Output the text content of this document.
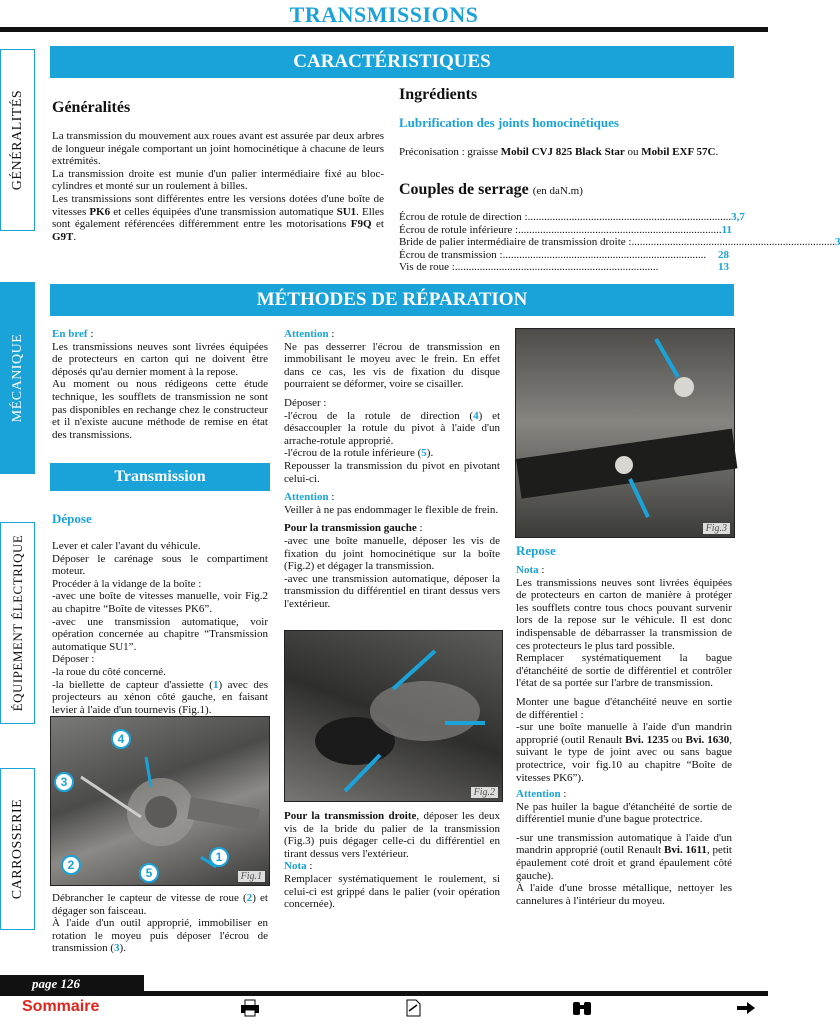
TRANSMISSIONS
GÉNÉRALITÉS
MÉCANIQUE
ÉQUIPEMENT ÉLECTRIQUE
CARROSSERIE
CARACTÉRISTIQUES
Généralités

La transmission du mouvement aux roues avant est assurée par deux arbres de longueur inégale comportant un joint homocinétique à chacune de leurs extrémités.

La transmission droite est munie d'un palier intermédiaire fixé au bloc-cylindres et monté sur un roulement à billes.

Les transmissions sont différentes entre les versions dotées d'une boîte de vitesses PK6 et celles équipées d'une transmission automatique SU1. Elles sont également référencées différemment entre les motorisations F9Q et G9T.

Ingrédients
Lubrification des joints homocinétiques

Préconisation : graisse Mobil CVJ 825 Black Star ou Mobil EXF 57C.

Couples de serrage (en daN.m)
Écrou de rotule de direction : .......................................................................... 3,7
Écrou de rotule inférieure : .......................................................................... 11
Bride de palier intermédiaire de transmission droite : .......................................................................... 3
Écrou de transmission : ..........................................................................	28
Vis de roue : ..........................................................................	13
MÉTHODES DE RÉPARATION

En bref :

Les transmissions neuves sont livrées équipées de protecteurs en carton qui ne doivent être déposés qu'au dernier moment à la repose.

Au moment ou nous rédigeons cette étude technique, les soufflets de transmission ne sont pas disponibles en rechange chez le constructeur et il n'existe aucune méthode de remise en état des transmissions.

Transmission
Dépose

Lever et caler l'avant du véhicule.

Déposer le carénage sous le compartiment moteur.

Procéder à la vidange de la boîte :

-avec une boîte de vitesses manuelle, voir Fig.2 au chapitre “Boîte de vitesses PK6”.

-avec une transmission automatique, voir opération concernée au chapitre “Transmission automatique SU1”.

Déposer :

-la roue du côté concerné.

-la biellette de capteur d'assiette (1) avec des projecteurs au xénon côté gauche, en faisant levier à l'aide d'un tournevis (Fig.1).

4
3
2
5
1
Fig.1

Débrancher le capteur de vitesse de roue (2) et dégager son faisceau.

À l'aide d'un outil approprié, immobiliser en rotation le moyeu puis déposer l'écrou de transmission (3).

Attention :

Ne pas desserrer l'écrou de transmission en immobilisant le moyeu avec le frein. En effet dans ce cas, les vis de fixation du disque pourraient se déformer, voire se cisailler.

Déposer :

-l'écrou de la rotule de direction (4) et désaccoupler la rotule du pivot à l'aide d'un arrache-rotule approprié.

-l'écrou de la rotule inférieure (5).

Repousser la transmission du pivot en pivotant celui-ci.

Attention :

Veiller à ne pas endommager le flexible de frein.

Pour la transmission gauche :

-avec une boîte manuelle, déposer les vis de fixation du joint homocinétique sur la boîte (Fig.2) et dégager la transmission.

-avec une transmission automatique, déposer la transmission du différentiel en tirant dessus vers l'extérieur.

Fig.2

Pour la transmission droite, déposer les deux vis de la bride du palier de la transmission (Fig.3) puis dégager celle-ci du différentiel en tirant dessus vers l'extérieur.

Nota :

Remplacer systématiquement le roulement, si celui-ci est grippé dans le palier (voir opération concernée).

Fig.3
Repose

Nota :

Les transmissions neuves sont livrées équipées de protecteurs en carton de manière à protéger les soufflets contre tous chocs pouvant survenir lors de la repose sur le véhicule. Il est donc indispensable de débarrasser la transmission de ces protecteurs le plus tard possible.

Remplacer systématiquement la bague d'étanchéité de sortie de différentiel et contrôler l'état de sa portée sur l'arbre de transmission.

Monter une bague d'étanchéité neuve en sortie de différentiel :

-sur une boîte manuelle à l'aide d'un mandrin approprié (outil Renault Bvi. 1235 ou Bvi. 1630, suivant le type de joint avec ou sans bague protectrice, voir fig.10 au chapitre “Boîte de vitesses PK6”).

Attention :

Ne pas huiler la bague d'étanchéité de sortie de différentiel munie d'une bague protectrice.

-sur une transmission automatique à l'aide d'un mandrin approprié (outil Renault Bvi. 1611, petit épaulement coté droit et grand épaulement côté gauche).

À l'aide d'une brosse métallique, nettoyer les cannelures à l'intérieur du moyeu.

page 126
Sommaire
